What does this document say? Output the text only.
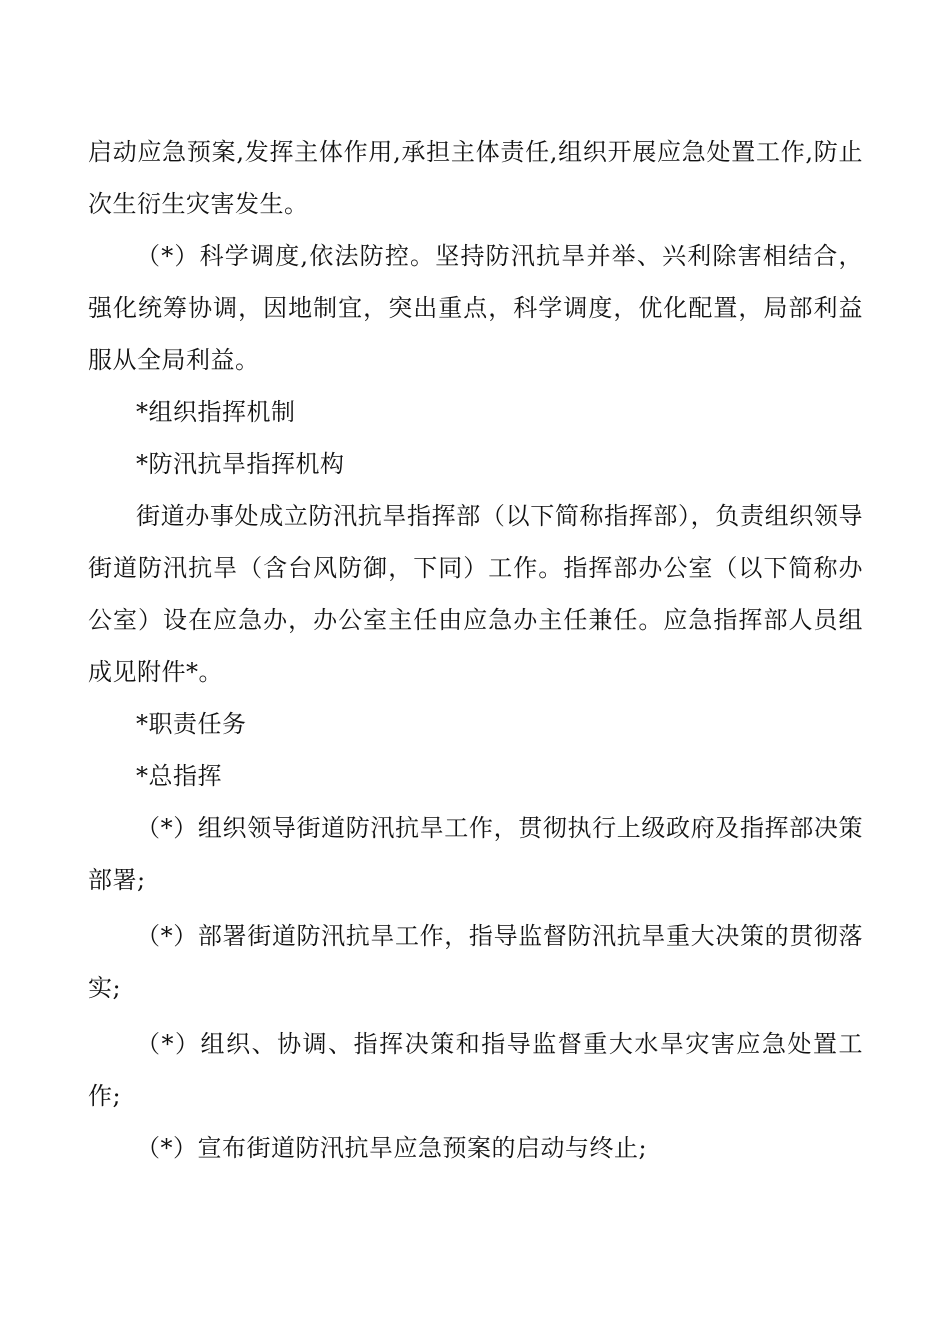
启动应急预案,发挥主体作用,承担主体责任,组织开展应急处置工作,防止次生衍生灾害发生。

（*）科学调度,依法防控。坚持防汛抗旱并举、兴利除害相结合，强化统筹协调，因地制宜，突出重点，科学调度，优化配置，局部利益服从全局利益。

*组织指挥机制

*防汛抗旱指挥机构

街道办事处成立防汛抗旱指挥部（以下简称指挥部），负责组织领导街道防汛抗旱（含台风防御，下同）工作。指挥部办公室（以下简称办公室）设在应急办，办公室主任由应急办主任兼任。应急指挥部人员组成见附件*。

*职责任务

*总指挥

（*）组织领导街道防汛抗旱工作，贯彻执行上级政府及指挥部决策部署;

（*）部署街道防汛抗旱工作，指导监督防汛抗旱重大决策的贯彻落实;

（*）组织、协调、指挥决策和指导监督重大水旱灾害应急处置工作;

（*）宣布街道防汛抗旱应急预案的启动与终止;
